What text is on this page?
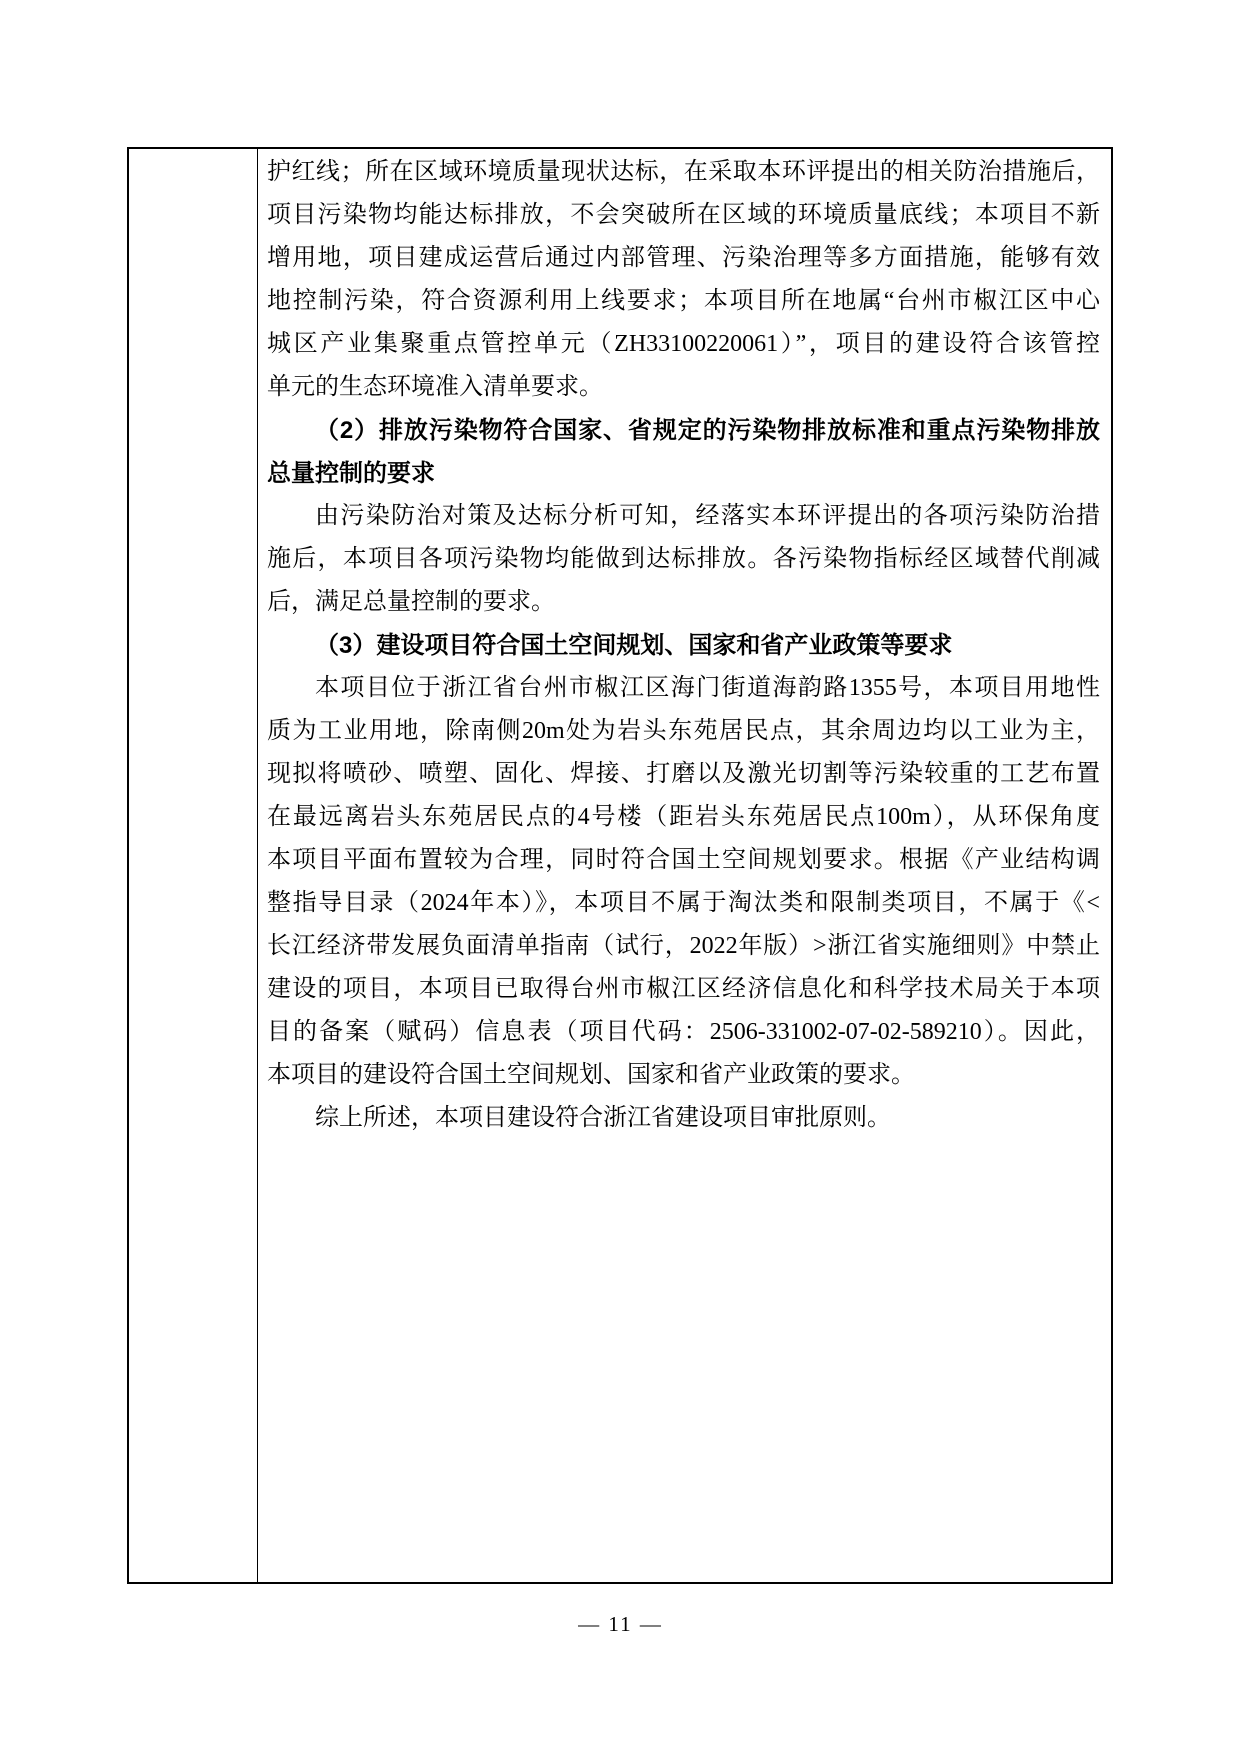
护红线；所在区域环境质量现状达标，在采取本环评提出的相关防治措施后，
项目污染物均能达标排放，不会突破所在区域的环境质量底线；本项目不新
增用地，项目建成运营后通过内部管理、污染治理等多方面措施，能够有效
地控制污染，符合资源利用上线要求；本项目所在地属“台州市椒江区中心
城区产业集聚重点管控单元（ZH33100220061）”，项目的建设符合该管控
单元的生态环境准入清单要求。
（2）排放污染物符合国家、省规定的污染物排放标准和重点污染物排放
总量控制的要求
由污染防治对策及达标分析可知，经落实本环评提出的各项污染防治措
施后，本项目各项污染物均能做到达标排放。各污染物指标经区域替代削减
后，满足总量控制的要求。
（3）建设项目符合国土空间规划、国家和省产业政策等要求
本项目位于浙江省台州市椒江区海门街道海韵路1355号，本项目用地性
质为工业用地，除南侧20m处为岩头东苑居民点，其余周边均以工业为主，
现拟将喷砂、喷塑、固化、焊接、打磨以及激光切割等污染较重的工艺布置
在最远离岩头东苑居民点的4号楼（距岩头东苑居民点100m），从环保角度
本项目平面布置较为合理，同时符合国土空间规划要求。根据《产业结构调
整指导目录（2024年本）》，本项目不属于淘汰类和限制类项目，不属于《<
长江经济带发展负面清单指南（试行，2022年版）>浙江省实施细则》中禁止
建设的项目，本项目已取得台州市椒江区经济信息化和科学技术局关于本项
目的备案（赋码）信息表（项目代码：2506-331002-07-02-589210）。因此，
本项目的建设符合国土空间规划、国家和省产业政策的要求。
综上所述，本项目建设符合浙江省建设项目审批原则。
— 11 —
